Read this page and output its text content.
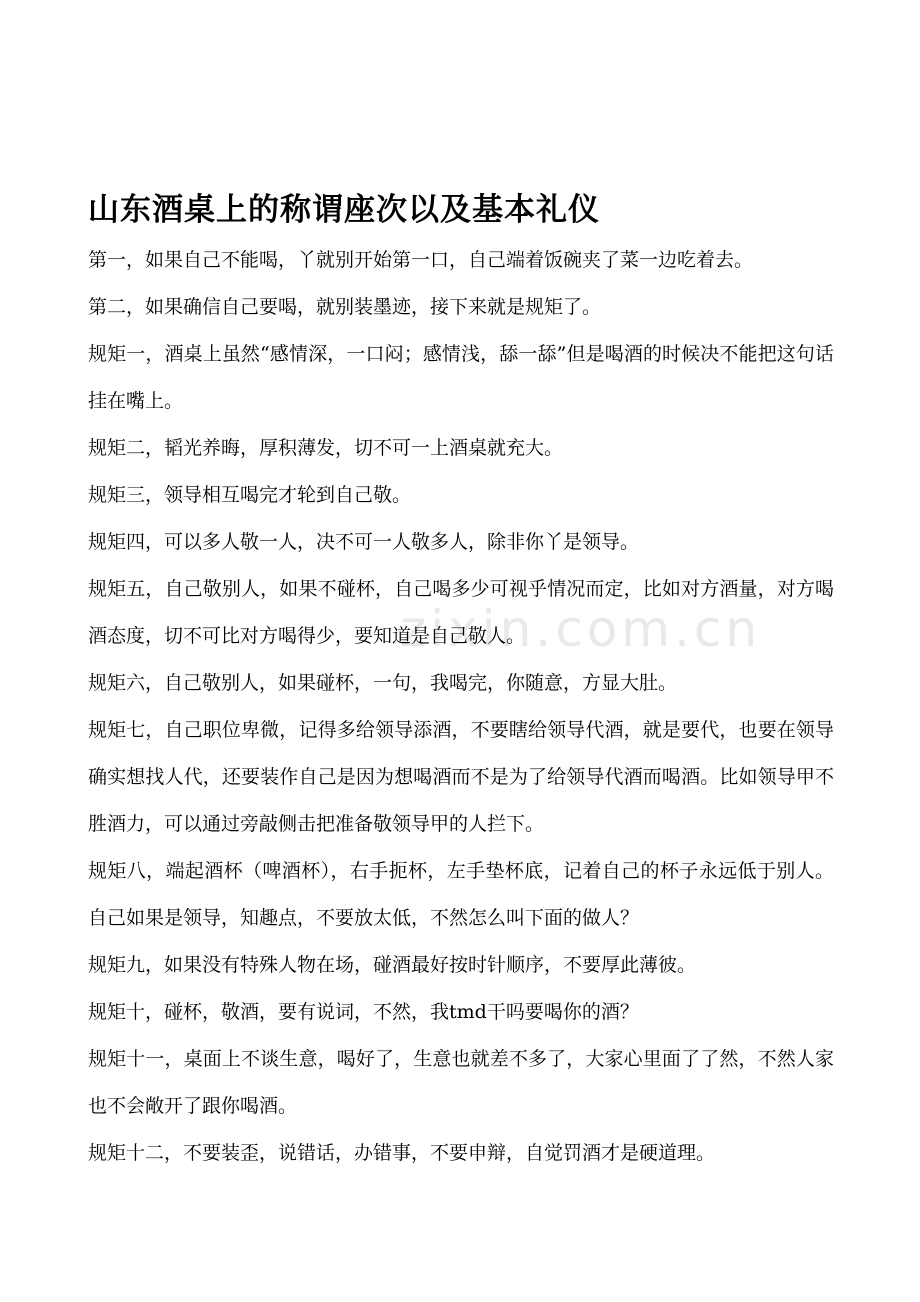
zixin.com.cn
山东酒桌上的称谓座次以及基本礼仪

第一，如果自己不能喝，丫就别开始第一口，自己端着饭碗夹了菜一边吃着去。

第二，如果确信自己要喝，就别装墨迹，接下来就是规矩了。

规矩一，酒桌上虽然“感情深，一口闷；感情浅，舔一舔”但是喝酒的时候决不能把这句话挂在嘴上。

规矩二，韬光养晦，厚积薄发，切不可一上酒桌就充大。

规矩三，领导相互喝完才轮到自己敬。

规矩四，可以多人敬一人，决不可一人敬多人，除非你丫是领导。

规矩五，自己敬别人，如果不碰杯，自己喝多少可视乎情况而定，比如对方酒量，对方喝酒态度，切不可比对方喝得少，要知道是自己敬人。

规矩六，自己敬别人，如果碰杯，一句，我喝完，你随意，方显大肚。

规矩七，自己职位卑微，记得多给领导添酒，不要瞎给领导代酒，就是要代，也要在领导确实想找人代，还要装作自己是因为想喝酒而不是为了给领导代酒而喝酒。比如领导甲不胜酒力，可以通过旁敲侧击把准备敬领导甲的人拦下。

规矩八，端起酒杯（啤酒杯），右手扼杯，左手垫杯底，记着自己的杯子永远低于别人。自己如果是领导，知趣点，不要放太低，不然怎么叫下面的做人？

规矩九，如果没有特殊人物在场，碰酒最好按时针顺序，不要厚此薄彼。

规矩十，碰杯，敬酒，要有说词，不然，我tmd干吗要喝你的酒？

规矩十一，桌面上不谈生意，喝好了，生意也就差不多了，大家心里面了了然，不然人家也不会敞开了跟你喝酒。

规矩十二，不要装歪，说错话，办错事，不要申辩，自觉罚酒才是硬道理。
